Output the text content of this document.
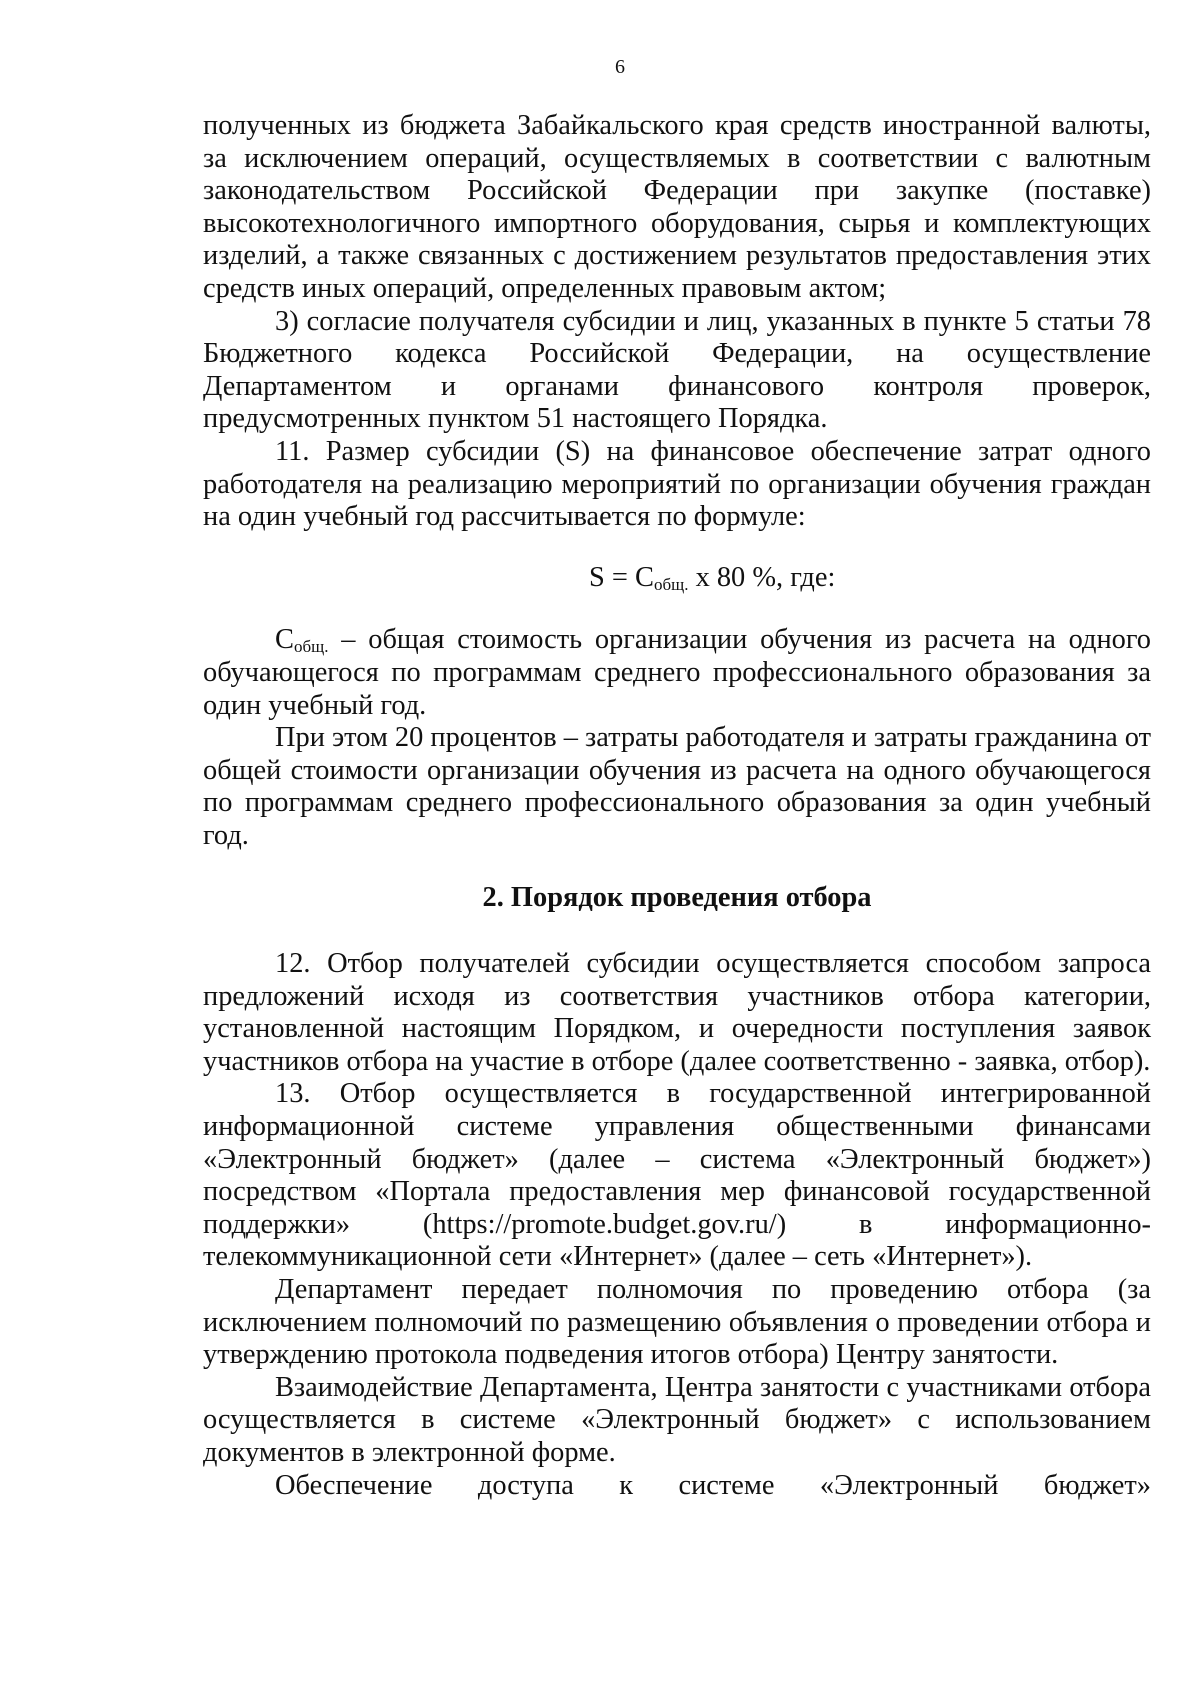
6

полученных из бюджета Забайкальского края средств иностранной валюты, за исключением операций, осуществляемых в соответствии с валютным законодательством Российской Федерации при закупке (поставке) высокотехнологичного импортного оборудования, сырья и комплектующих изделий, а также связанных с достижением результатов предоставления этих средств иных операций, определенных правовым актом;

3) согласие получателя субсидии и лиц, указанных в пункте 5 статьи 78 Бюджетного кодекса Российской Федерации, на осуществление Департаментом и органами финансового контроля проверок, предусмотренных пунктом 51 настоящего Порядка.

11. Размер субсидии (S) на финансовое обеспечение затрат одного работодателя на реализацию мероприятий по организации обучения граждан на один учебный год рассчитывается по формуле:

$S = С_{общ.}$ х 80 %, где:

$С_{общ.}$ – общая стоимость организации обучения из расчета на одного обучающегося по программам среднего профессионального образования за один учебный год.

При этом 20 процентов – затраты работодателя и затраты гражданина от общей стоимости организации обучения из расчета на одного обучающегося по программам среднего профессионального образования за один учебный год.

2. Порядок проведения отбора

12. Отбор получателей субсидии осуществляется способом запроса предложений исходя из соответствия участников отбора категории, установленной настоящим Порядком, и очередности поступления заявок участников отбора на участие в отборе (далее соответственно - заявка, отбор).

13. Отбор осуществляется в государственной интегрированной информационной системе управления общественными финансами «Электронный бюджет» (далее – система «Электронный бюджет») посредством «Портала предоставления мер финансовой государственной поддержки» (https://promote.budget.gov.ru/) в информационно-телекоммуникационной сети «Интернет» (далее – сеть «Интернет»).

Департамент передает полномочия по проведению отбора (за исключением полномочий по размещению объявления о проведении отбора и утверждению протокола подведения итогов отбора) Центру занятости.

Взаимодействие Департамента, Центра занятости с участниками отбора осуществляется в системе «Электронный бюджет» с использованием документов в электронной форме.

Обеспечение доступа к системе «Электронный бюджет»
